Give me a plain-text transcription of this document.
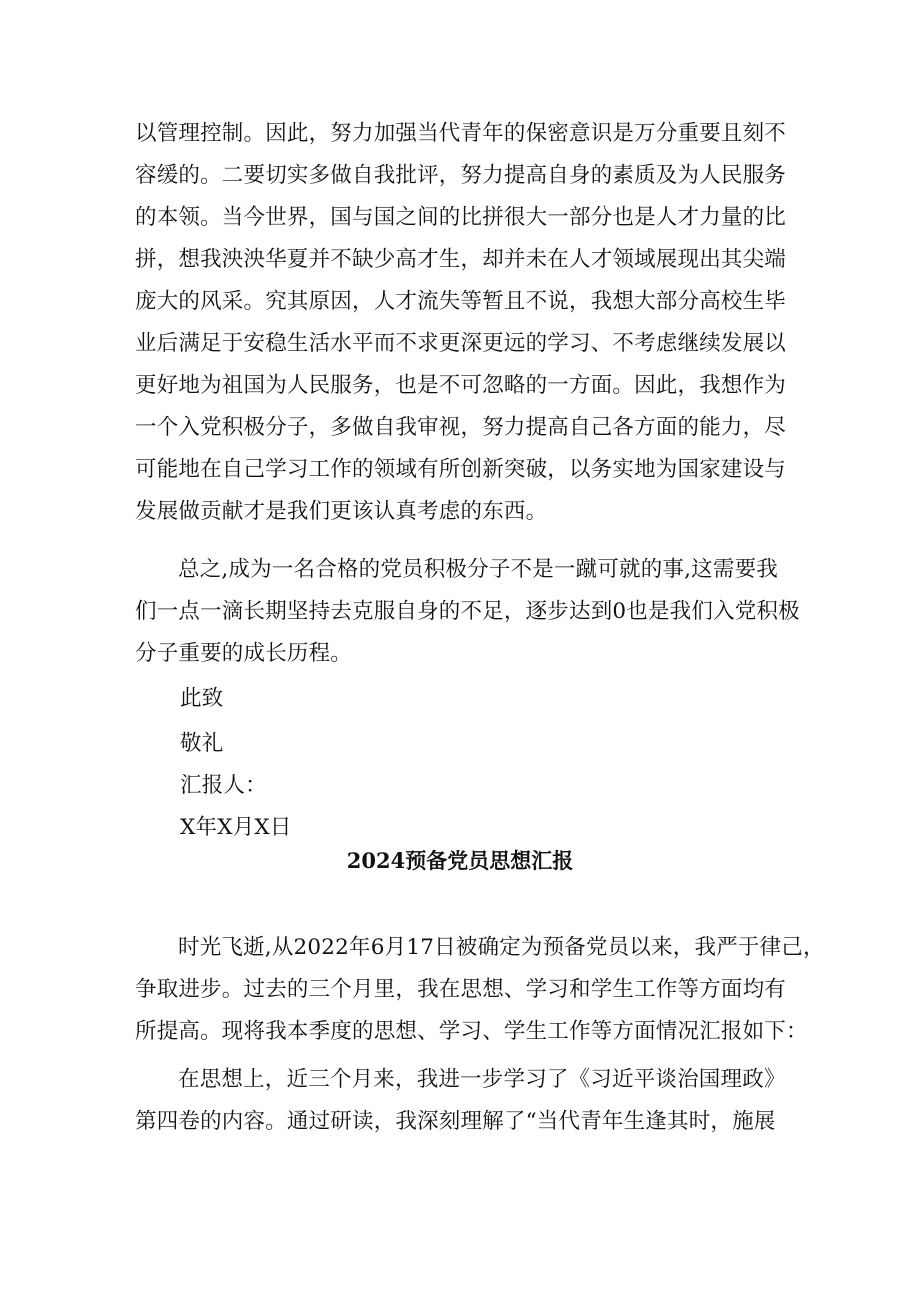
以管理控制。因此，努力加强当代青年的保密意识是万分重要且刻不
容缓的。二要切实多做自我批评，努力提高自身的素质及为人民服务
的本领。当今世界，国与国之间的比拼很大一部分也是人才力量的比
拼，想我泱泱华夏并不缺少高才生，却并未在人才领域展现出其尖端
庞大的风采。究其原因，人才流失等暂且不说，我想大部分高校生毕
业后满足于安稳生活水平而不求更深更远的学习、不考虑继续发展以
更好地为祖国为人民服务，也是不可忽略的一方面。因此，我想作为
一个入党积极分子，多做自我审视，努力提高自己各方面的能力，尽
可能地在自己学习工作的领域有所创新突破，以务实地为国家建设与
发展做贡献才是我们更该认真考虑的东西。
总之,成为一名合格的党员积极分子不是一蹴可就的事,这需要我
们一点一滴长期坚持去克服自身的不足，逐步达到0也是我们入党积极
分子重要的成长历程。
此致
敬礼
汇报人：
X年X月X日
2024预备党员思想汇报
时光飞逝,从2022年6月17日被确定为预备党员以来，我严于律己，
争取进步。过去的三个月里，我在思想、学习和学生工作等方面均有
所提高。现将我本季度的思想、学习、学生工作等方面情况汇报如下：
在思想上，近三个月来，我进一步学习了《习近平谈治国理政》
第四卷的内容。通过研读，我深刻理解了“当代青年生逢其时，施展
